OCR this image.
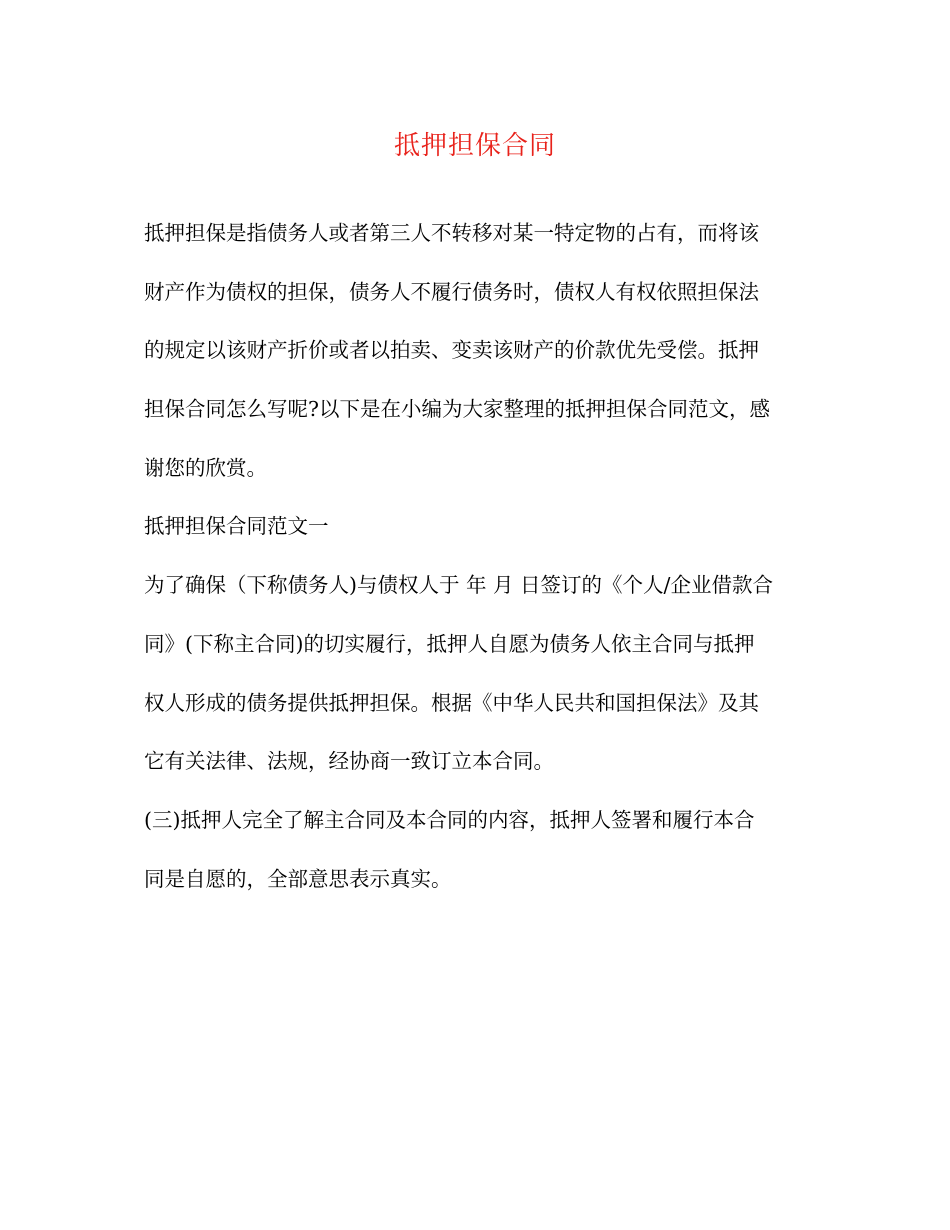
抵押担保合同
抵押担保是指债务人或者第三人不转移对某一特定物的占有，而将该
财产作为债权的担保，债务人不履行债务时，债权人有权依照担保法
的规定以该财产折价或者以拍卖、变卖该财产的价款优先受偿。抵押
担保合同怎么写呢?以下是在小编为大家整理的抵押担保合同范文，感
谢您的欣赏。
抵押担保合同范文一
为了确保（下称债务人)与债权人于 年 月 日签订的《个人/企业借款合
同》(下称主合同)的切实履行，抵押人自愿为债务人依主合同与抵押
权人形成的债务提供抵押担保。根据《中华人民共和国担保法》及其
它有关法律、法规，经协商一致订立本合同。
(三)抵押人完全了解主合同及本合同的内容，抵押人签署和履行本合
同是自愿的，全部意思表示真实。
